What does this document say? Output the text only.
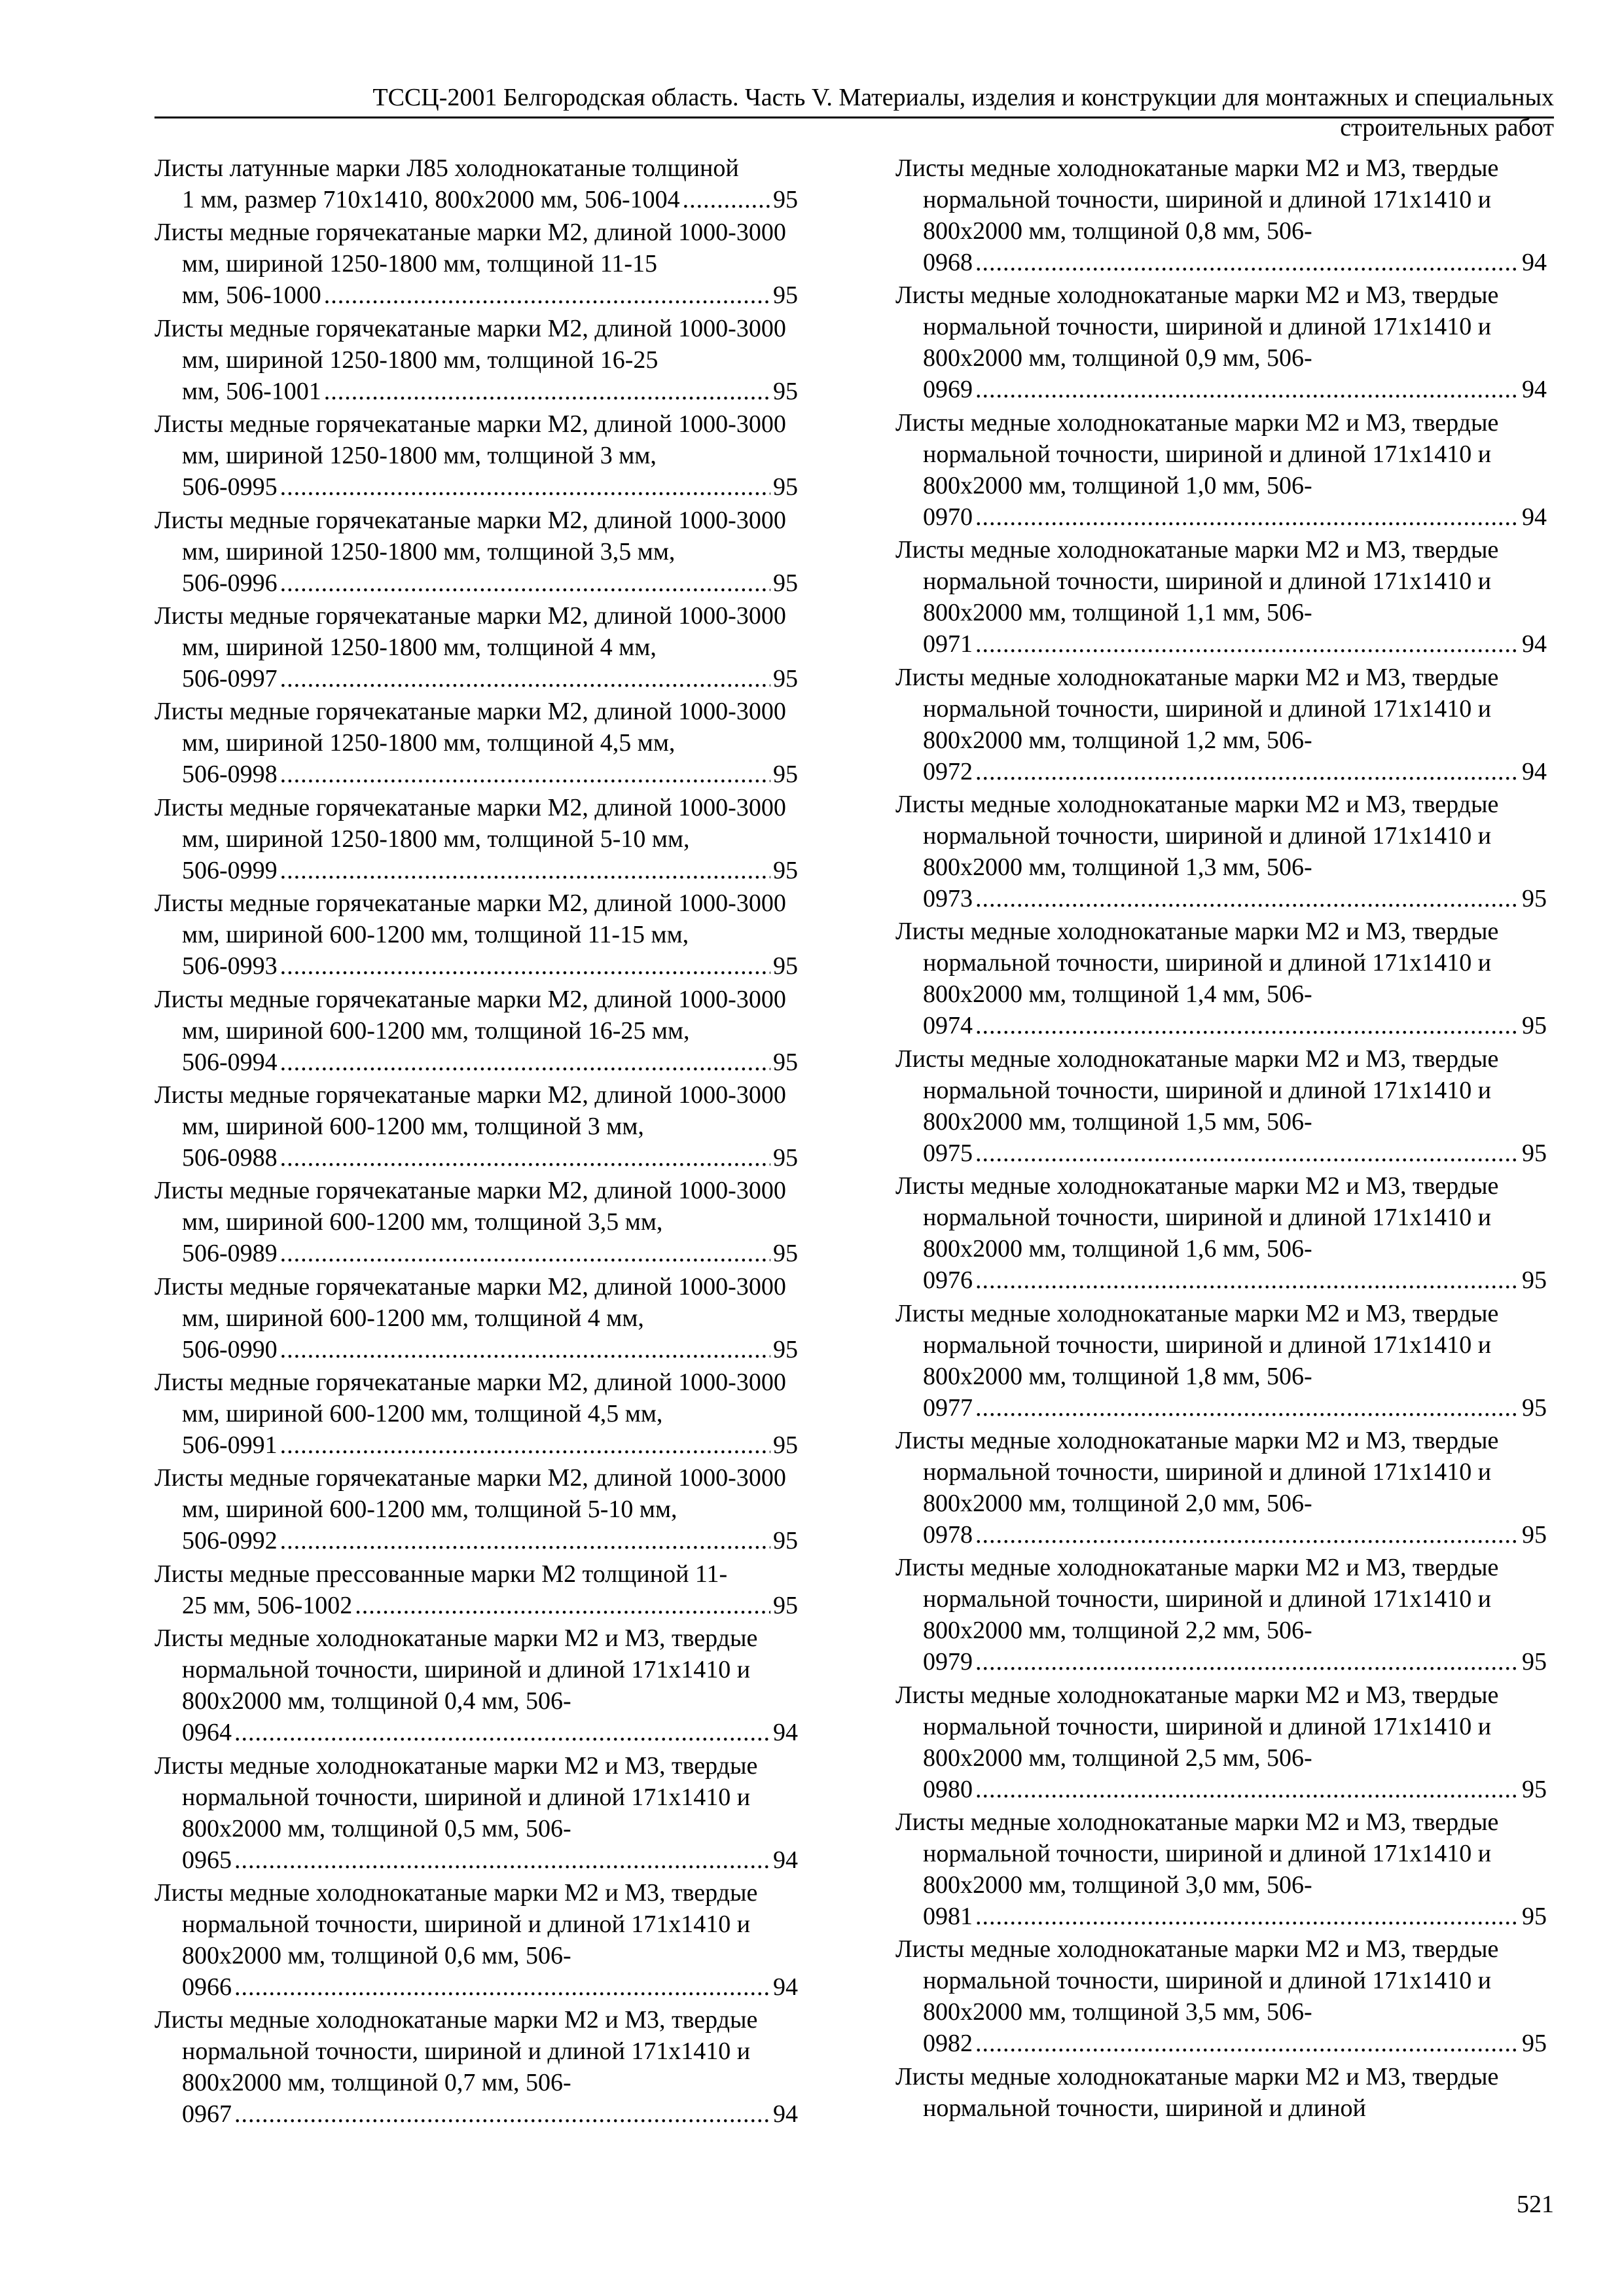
ТССЦ-2001 Белгородская область. Часть V. Материалы, изделия и конструкции для монтажных и специальных
строительных работ
Листы латунные марки Л85 холоднокатаные толщиной
1 мм, размер 710х1410, 800х2000 мм, 506-1004 .....	95
Листы медные горячекатаные марки М2, длиной 1000-3000 мм, шириной 1250-1800 мм, толщиной 11-15
мм, 506-1000 .....	95
Листы медные горячекатаные марки М2, длиной 1000-3000 мм, шириной 1250-1800 мм, толщиной 16-25
мм, 506-1001 .....	95
Листы медные горячекатаные марки М2, длиной 1000-3000 мм, шириной 1250-1800 мм, толщиной 3 мм,
506-0995 .....	95
Листы медные горячекатаные марки М2, длиной 1000-3000 мм, шириной 1250-1800 мм, толщиной 3,5 мм,
506-0996 .....	95
Листы медные горячекатаные марки М2, длиной 1000-3000 мм, шириной 1250-1800 мм, толщиной 4 мм,
506-0997 .....	95
Листы медные горячекатаные марки М2, длиной 1000-3000 мм, шириной 1250-1800 мм, толщиной 4,5 мм,
506-0998 .....	95
Листы медные горячекатаные марки М2, длиной 1000-3000 мм, шириной 1250-1800 мм, толщиной 5-10 мм,
506-0999 .....	95
Листы медные горячекатаные марки М2, длиной 1000-3000 мм, шириной 600-1200 мм, толщиной 11-15 мм,
506-0993 .....	95
Листы медные горячекатаные марки М2, длиной 1000-3000 мм, шириной 600-1200 мм, толщиной 16-25 мм,
506-0994 .....	95
Листы медные горячекатаные марки М2, длиной 1000-3000 мм, шириной 600-1200 мм, толщиной 3 мм,
506-0988 .....	95
Листы медные горячекатаные марки М2, длиной 1000-3000 мм, шириной 600-1200 мм, толщиной 3,5 мм,
506-0989 .....	95
Листы медные горячекатаные марки М2, длиной 1000-3000 мм, шириной 600-1200 мм, толщиной 4 мм,
506-0990 .....	95
Листы медные горячекатаные марки М2, длиной 1000-3000 мм, шириной 600-1200 мм, толщиной 4,5 мм,
506-0991 .....	95
Листы медные горячекатаные марки М2, длиной 1000-3000 мм, шириной 600-1200 мм, толщиной 5-10 мм,
506-0992 .....	95
Листы медные прессованные марки М2 толщиной 11-
25 мм, 506-1002 .....	95
Листы медные холоднокатаные марки М2 и М3, твердые нормальной точности, шириной и длиной 171х1410 и 800х2000 мм, толщиной 0,4 мм, 506-
0964 .....	94
Листы медные холоднокатаные марки М2 и М3, твердые нормальной точности, шириной и длиной 171х1410 и 800х2000 мм, толщиной 0,5 мм, 506-
0965 .....	94
Листы медные холоднокатаные марки М2 и М3, твердые нормальной точности, шириной и длиной 171х1410 и 800х2000 мм, толщиной 0,6 мм, 506-
0966 .....	94
Листы медные холоднокатаные марки М2 и М3, твердые нормальной точности, шириной и длиной 171х1410 и 800х2000 мм, толщиной 0,7 мм, 506-
0967 .....	94
Листы медные холоднокатаные марки М2 и М3, твердые нормальной точности, шириной и длиной 171х1410 и 800х2000 мм, толщиной 0,8 мм, 506-
0968 .....	94
Листы медные холоднокатаные марки М2 и М3, твердые нормальной точности, шириной и длиной 171х1410 и 800х2000 мм, толщиной 0,9 мм, 506-
0969 .....	94
Листы медные холоднокатаные марки М2 и М3, твердые нормальной точности, шириной и длиной 171х1410 и 800х2000 мм, толщиной 1,0 мм, 506-
0970 .....	94
Листы медные холоднокатаные марки М2 и М3, твердые нормальной точности, шириной и длиной 171х1410 и 800х2000 мм, толщиной 1,1 мм, 506-
0971 .....	94
Листы медные холоднокатаные марки М2 и М3, твердые нормальной точности, шириной и длиной 171х1410 и 800х2000 мм, толщиной 1,2 мм, 506-
0972 .....	94
Листы медные холоднокатаные марки М2 и М3, твердые нормальной точности, шириной и длиной 171х1410 и 800х2000 мм, толщиной 1,3 мм, 506-
0973 .....	95
Листы медные холоднокатаные марки М2 и М3, твердые нормальной точности, шириной и длиной 171х1410 и 800х2000 мм, толщиной 1,4 мм, 506-
0974 .....	95
Листы медные холоднокатаные марки М2 и М3, твердые нормальной точности, шириной и длиной 171х1410 и 800х2000 мм, толщиной 1,5 мм, 506-
0975 .....	95
Листы медные холоднокатаные марки М2 и М3, твердые нормальной точности, шириной и длиной 171х1410 и 800х2000 мм, толщиной 1,6 мм, 506-
0976 .....	95
Листы медные холоднокатаные марки М2 и М3, твердые нормальной точности, шириной и длиной 171х1410 и 800х2000 мм, толщиной 1,8 мм, 506-
0977 .....	95
Листы медные холоднокатаные марки М2 и М3, твердые нормальной точности, шириной и длиной 171х1410 и 800х2000 мм, толщиной 2,0 мм, 506-
0978 .....	95
Листы медные холоднокатаные марки М2 и М3, твердые нормальной точности, шириной и длиной 171х1410 и 800х2000 мм, толщиной 2,2 мм, 506-
0979 .....	95
Листы медные холоднокатаные марки М2 и М3, твердые нормальной точности, шириной и длиной 171х1410 и 800х2000 мм, толщиной 2,5 мм, 506-
0980 .....	95
Листы медные холоднокатаные марки М2 и М3, твердые нормальной точности, шириной и длиной 171х1410 и 800х2000 мм, толщиной 3,0 мм, 506-
0981 .....	95
Листы медные холоднокатаные марки М2 и М3, твердые нормальной точности, шириной и длиной 171х1410 и 800х2000 мм, толщиной 3,5 мм, 506-
0982 .....	95
Листы медные холоднокатаные марки М2 и М3, твердые нормальной точности, шириной и длиной
521
